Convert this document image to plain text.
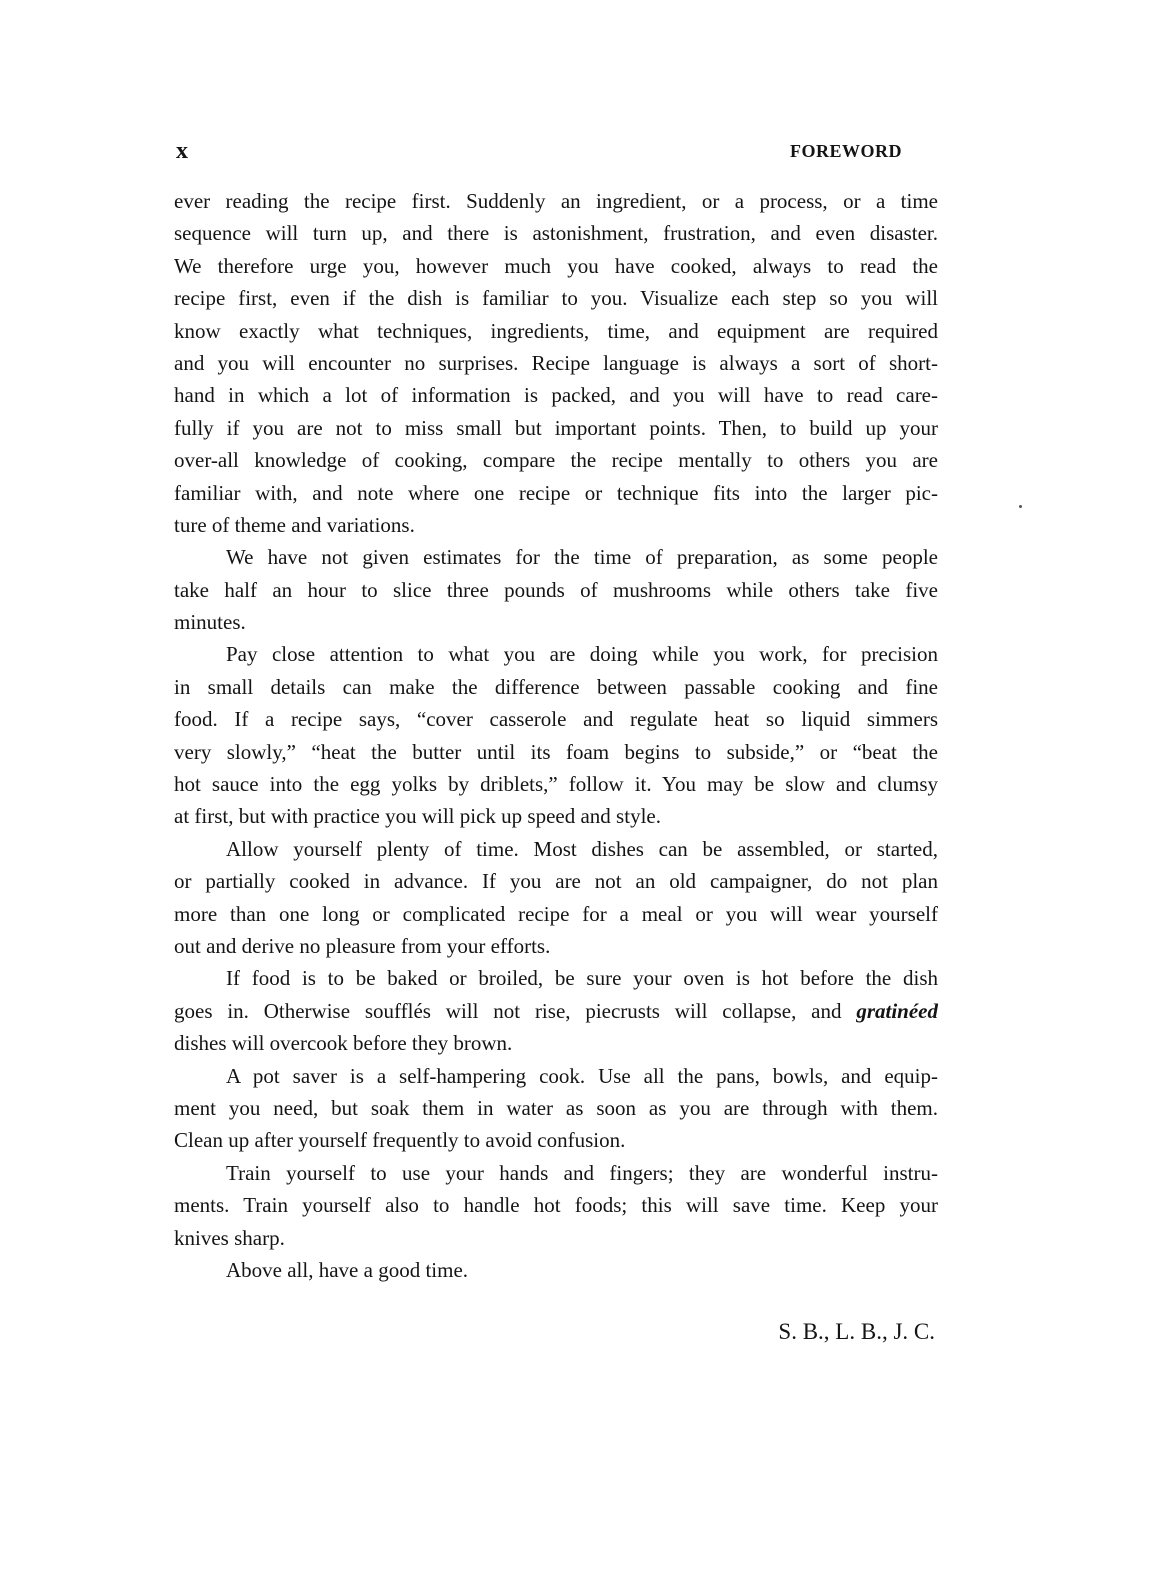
x	FOREWORD
ever reading the recipe first. Suddenly an ingredient, or a process, or a time
sequence will turn up, and there is astonishment, frustration, and even disaster.
We therefore urge you, however much you have cooked, always to read the
recipe first, even if the dish is familiar to you. Visualize each step so you will
know exactly what techniques, ingredients, time, and equipment are required
and you will encounter no surprises. Recipe language is always a sort of short-
hand in which a lot of information is packed, and you will have to read care-
fully if you are not to miss small but important points. Then, to build up your
over-all knowledge of cooking, compare the recipe mentally to others you are
familiar with, and note where one recipe or technique fits into the larger pic-
ture of theme and variations.
We have not given estimates for the time of preparation, as some people
take half an hour to slice three pounds of mushrooms while others take five
minutes.
Pay close attention to what you are doing while you work, for precision
in small details can make the difference between passable cooking and fine
food. If a recipe says, “cover casserole and regulate heat so liquid simmers
very slowly,” “heat the butter until its foam begins to subside,” or “beat the
hot sauce into the egg yolks by driblets,” follow it. You may be slow and clumsy
at first, but with practice you will pick up speed and style.
Allow yourself plenty of time. Most dishes can be assembled, or started,
or partially cooked in advance. If you are not an old campaigner, do not plan
more than one long or complicated recipe for a meal or you will wear yourself
out and derive no pleasure from your efforts.
If food is to be baked or broiled, be sure your oven is hot before the dish
goes in. Otherwise soufflés will not rise, piecrusts will collapse, and gratinéed
dishes will overcook before they brown.
A pot saver is a self-hampering cook. Use all the pans, bowls, and equip-
ment you need, but soak them in water as soon as you are through with them.
Clean up after yourself frequently to avoid confusion.
Train yourself to use your hands and fingers; they are wonderful instru-
ments. Train yourself also to handle hot foods; this will save time. Keep your
knives sharp.
Above all, have a good time.
S. B., L. B., J. C.
